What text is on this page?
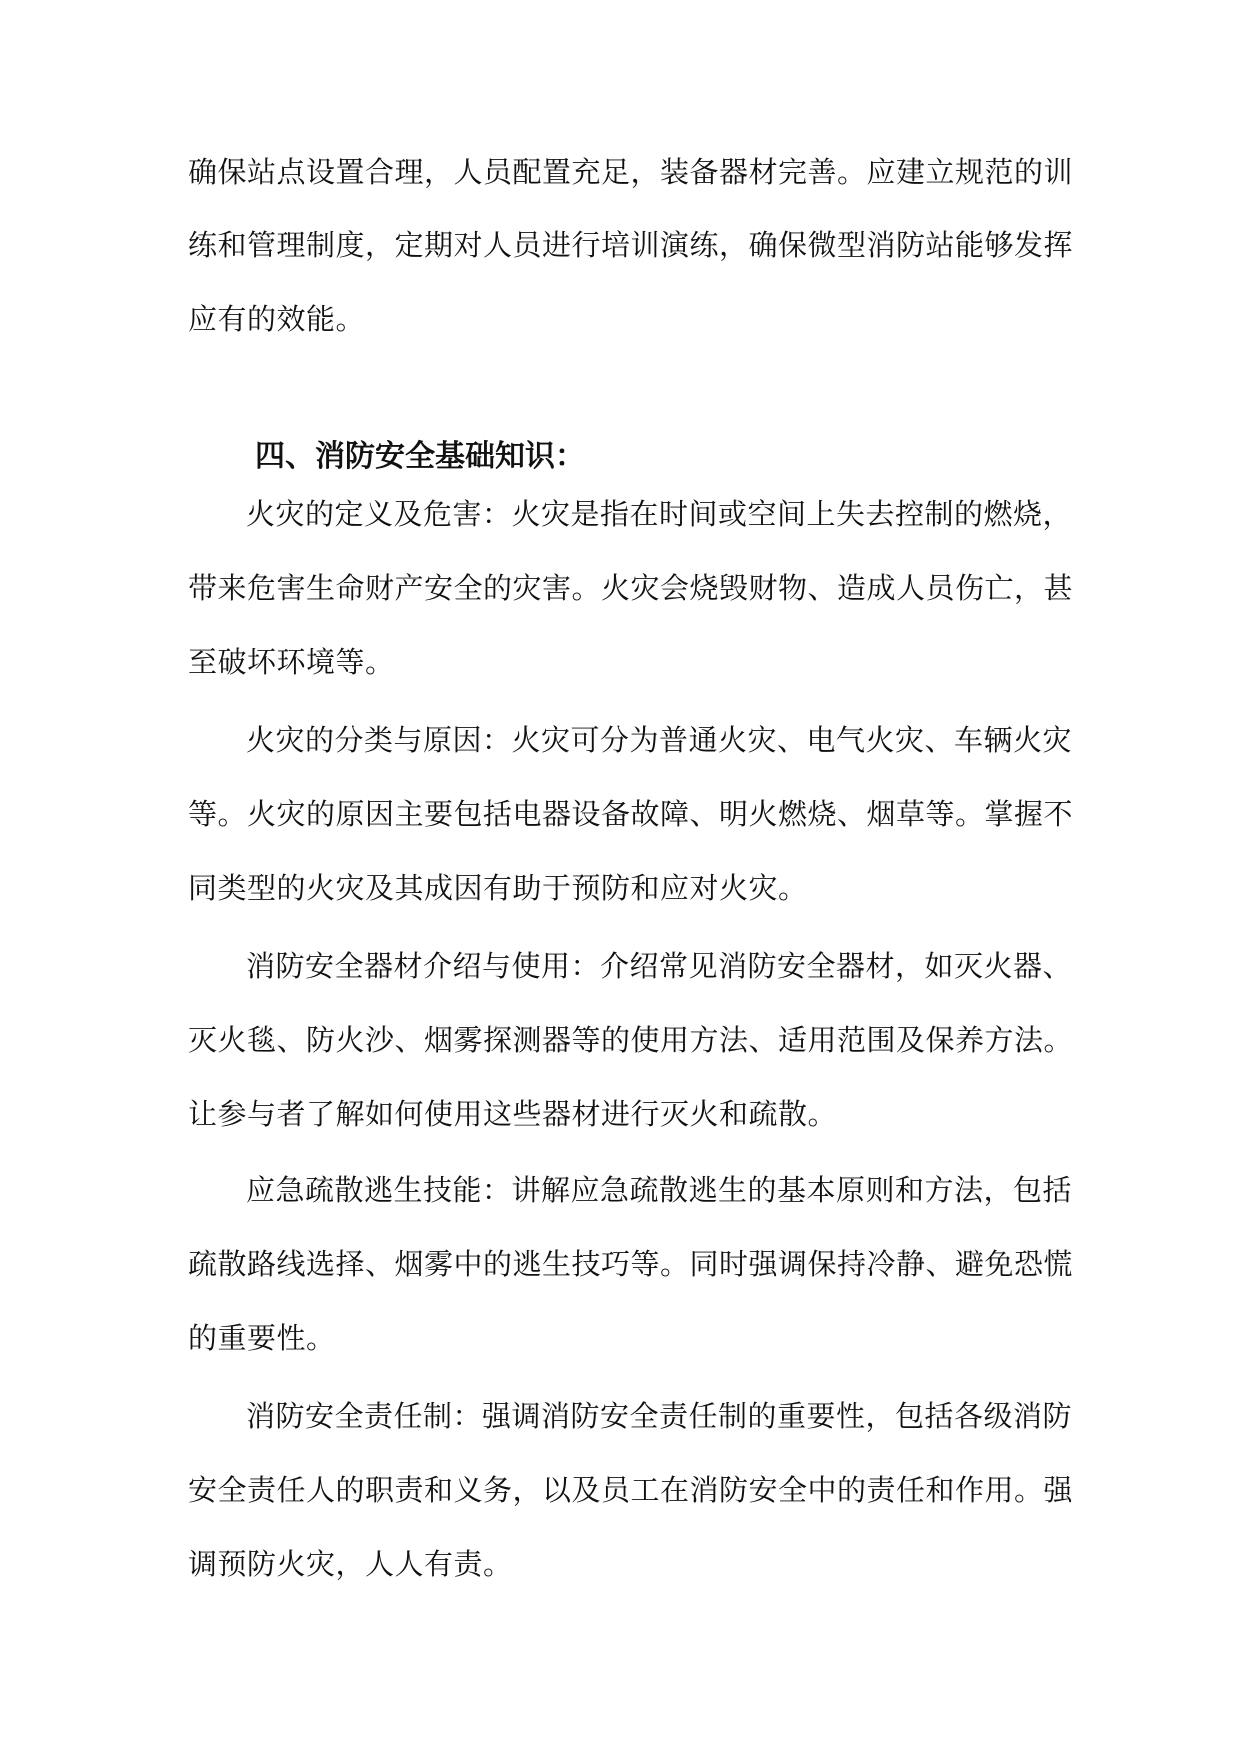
确保站点设置合理，人员配置充足，装备器材完善。应建立规范的训
练和管理制度，定期对人员进行培训演练，确保微型消防站能够发挥
应有的效能。
四、消防安全基础知识：
火灾的定义及危害：火灾是指在时间或空间上失去控制的燃烧，
带来危害生命财产安全的灾害。火灾会烧毁财物、造成人员伤亡，甚
至破坏环境等。
火灾的分类与原因：火灾可分为普通火灾、电气火灾、车辆火灾
等。火灾的原因主要包括电器设备故障、明火燃烧、烟草等。掌握不
同类型的火灾及其成因有助于预防和应对火灾。
消防安全器材介绍与使用：介绍常见消防安全器材，如灭火器、
灭火毯、防火沙、烟雾探测器等的使用方法、适用范围及保养方法。
让参与者了解如何使用这些器材进行灭火和疏散。
应急疏散逃生技能：讲解应急疏散逃生的基本原则和方法，包括
疏散路线选择、烟雾中的逃生技巧等。同时强调保持冷静、避免恐慌
的重要性。
消防安全责任制：强调消防安全责任制的重要性，包括各级消防
安全责任人的职责和义务，以及员工在消防安全中的责任和作用。强
调预防火灾，人人有责。
